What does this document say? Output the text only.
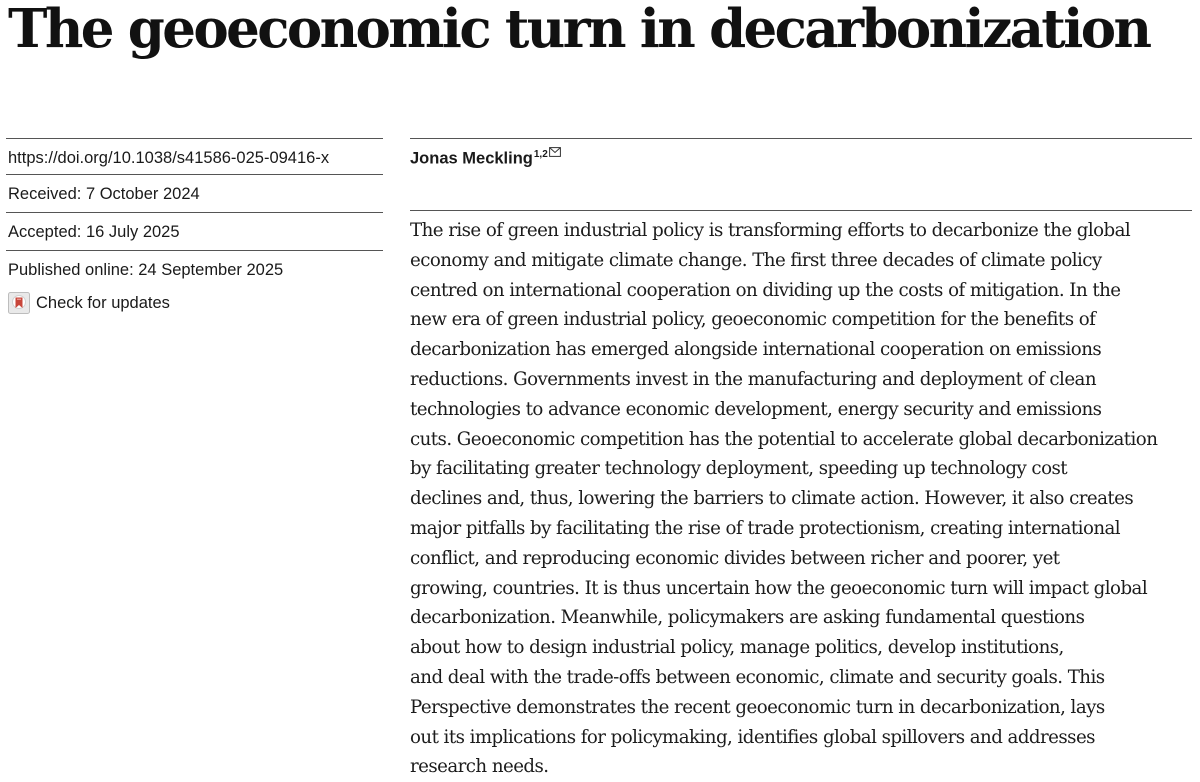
The geoeconomic turn in decarbonization
https://doi.org/10.1038/s41586-025-09416-x
Received: 7 October 2024
Accepted: 16 July 2025
Published online: 24 September 2025
Check for updates
Jonas Meckling$^{1,2}$
The rise of green industrial policy is transforming efforts to decarbonize the global
economy and mitigate climate change. The first three decades of climate policy
centred on international cooperation on dividing up the costs of mitigation. In the
new era of green industrial policy, geoeconomic competition for the benefits of
decarbonization has emerged alongside international cooperation on emissions
reductions. Governments invest in the manufacturing and deployment of clean
technologies to advance economic development, energy security and emissions
cuts. Geoeconomic competition has the potential to accelerate global decarbonization
by facilitating greater technology deployment, speeding up technology cost
declines and, thus, lowering the barriers to climate action. However, it also creates
major pitfalls by facilitating the rise of trade protectionism, creating international
conflict, and reproducing economic divides between richer and poorer, yet
growing, countries. It is thus uncertain how the geoeconomic turn will impact global
decarbonization. Meanwhile, policymakers are asking fundamental questions
about how to design industrial policy, manage politics, develop institutions,
and deal with the trade-offs between economic, climate and security goals. This
Perspective demonstrates the recent geoeconomic turn in decarbonization, lays
out its implications for policymaking, identifies global spillovers and addresses
research needs.
